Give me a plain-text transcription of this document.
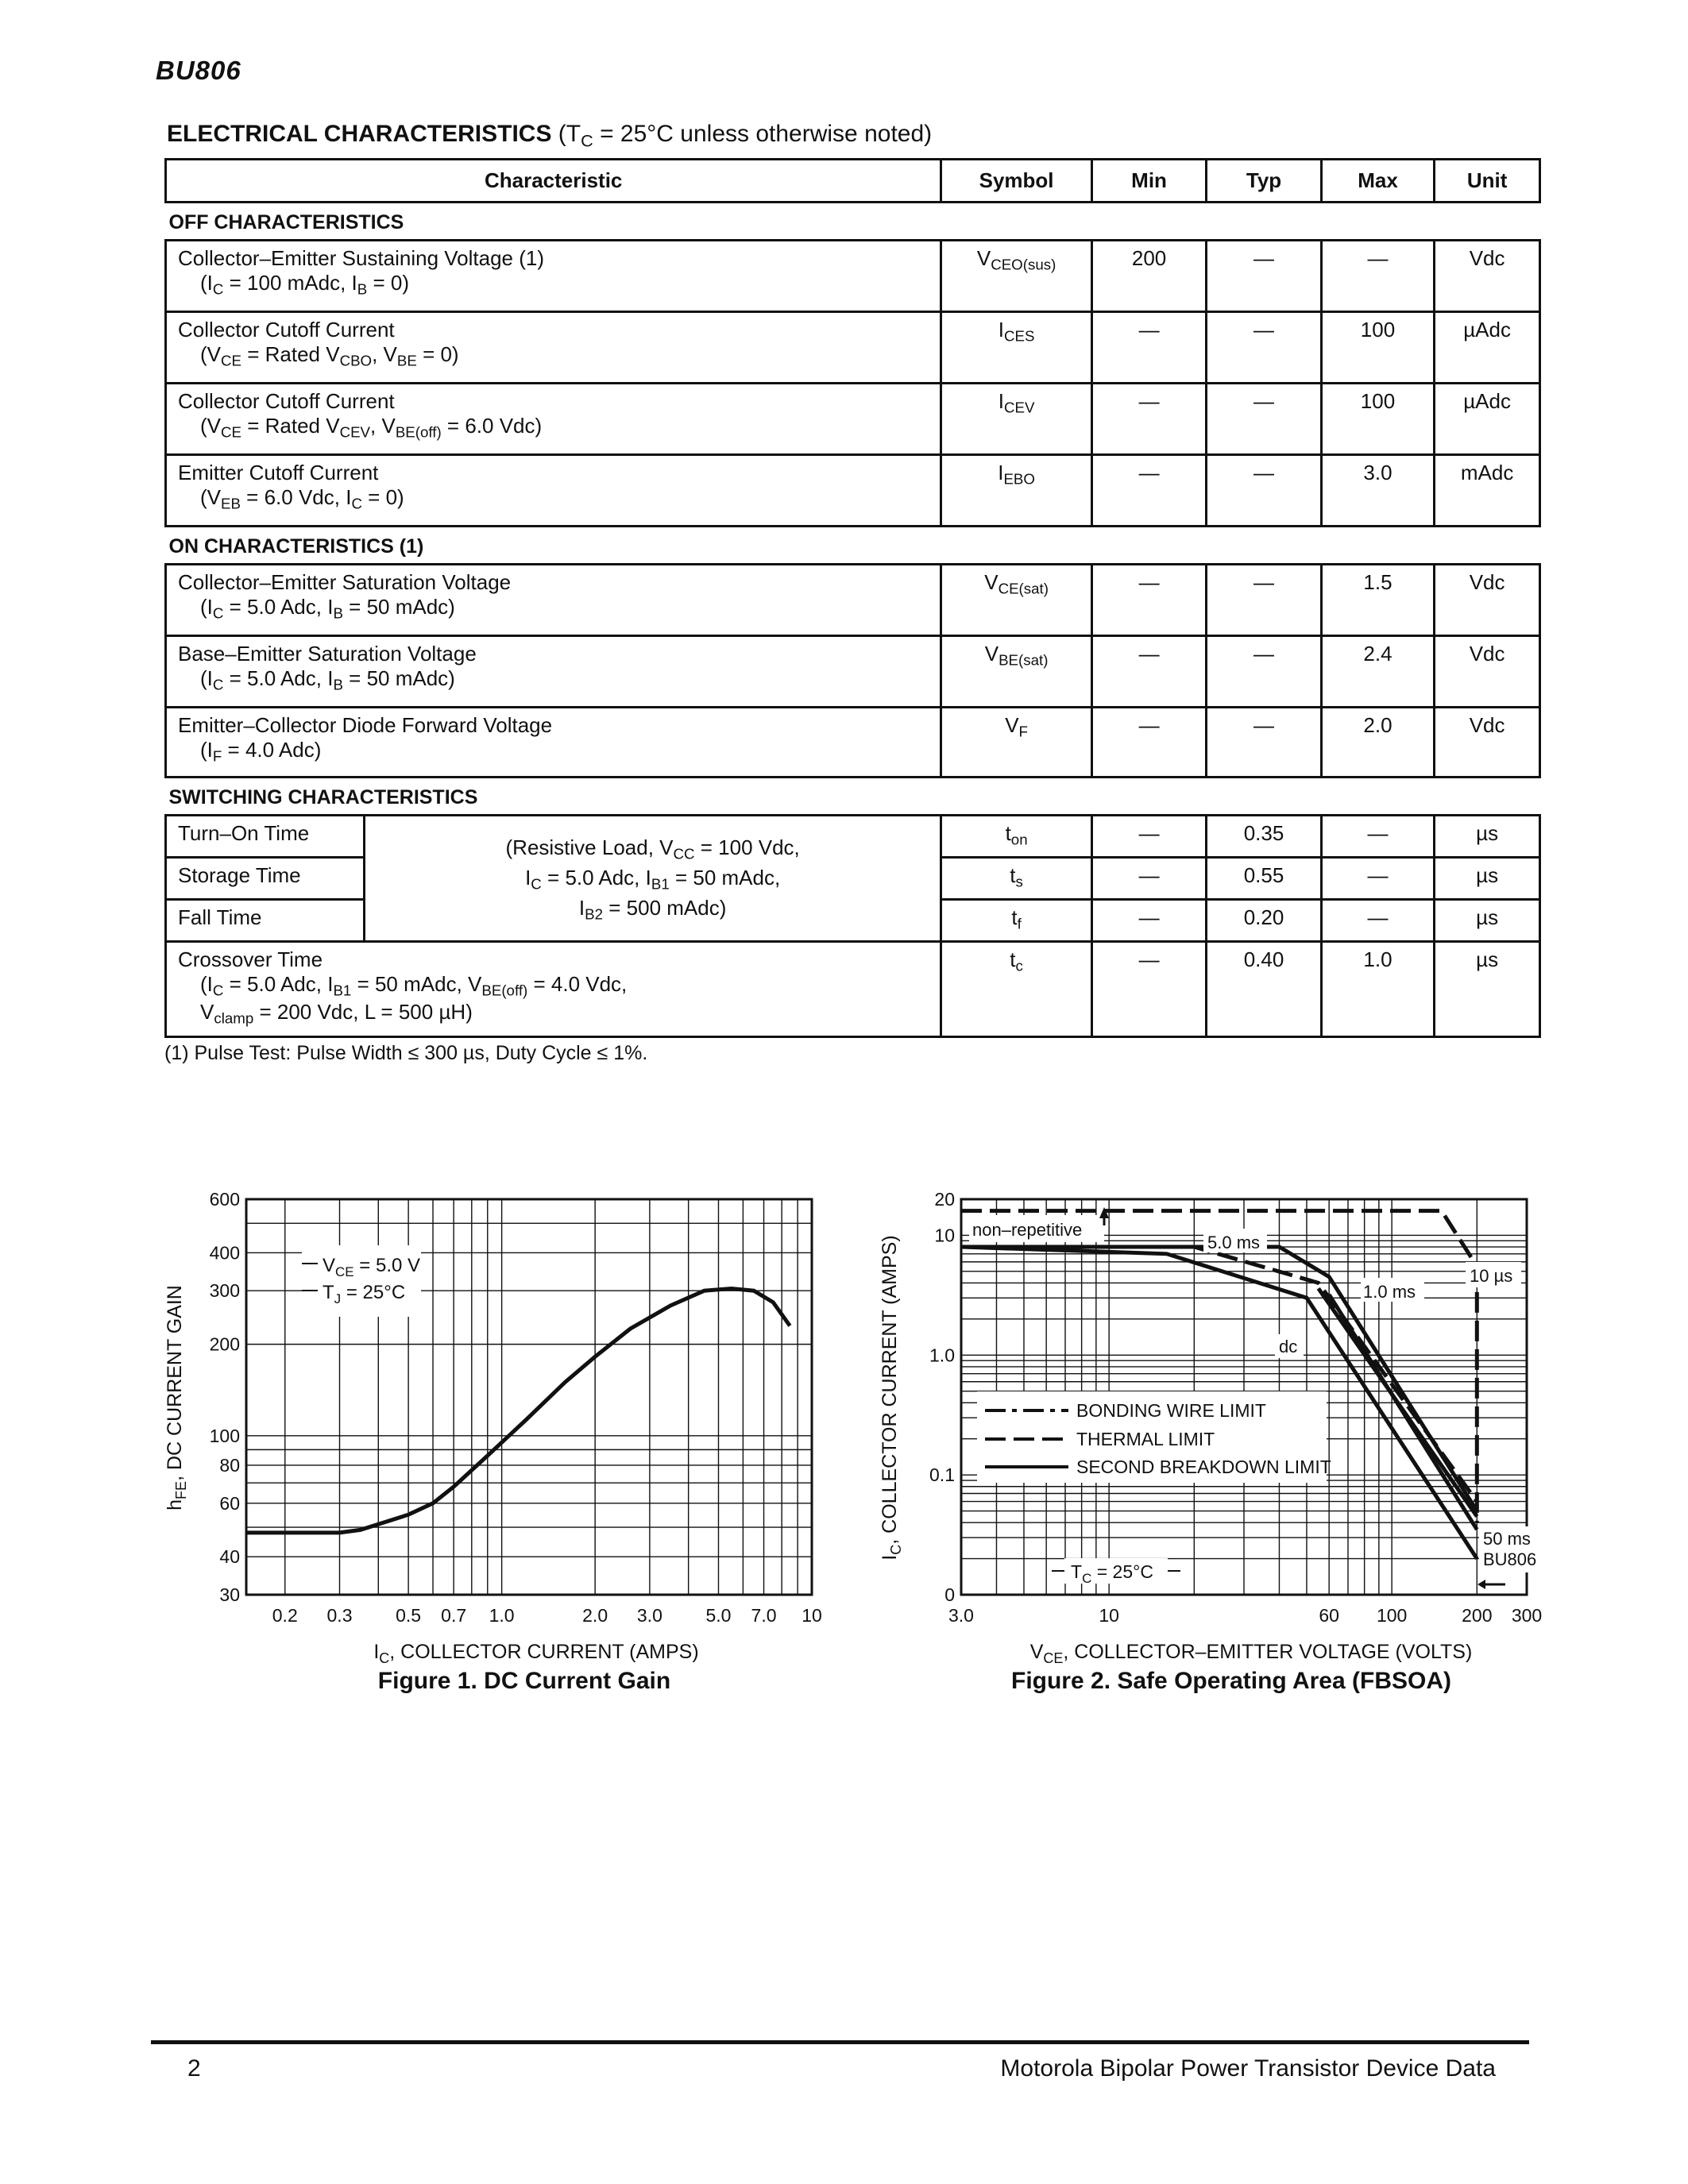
BU806
ELECTRICAL CHARACTERISTICS ($T_C = 25^\circ C$ unless otherwise noted)
Characteristic		Symbol	Min	Typ	Max	Unit
OFF CHARACTERISTICS						
Collector–Emitter Sustaining Voltage (1)
($I_C = 100$ mAdc, $I_B = 0$)		$V_{CEO(sus)}$	200	—	—	Vdc
Collector Cutoff Current
($V_{CE}$ = Rated $V_{CBO}$, $V_{BE} = 0$)		$I_{CES}$	—	—	100	µAdc
Collector Cutoff Current
($V_{CE}$ = Rated $V_{CEV}$, $V_{BE(off)} = 6.0$ Vdc)		$I_{CEV}$	—	—	100	µAdc
Emitter Cutoff Current
($V_{EB} = 6.0$ Vdc, $I_C = 0$)		$I_{EBO}$	—	—	3.0	mAdc
ON CHARACTERISTICS (1)						
Collector–Emitter Saturation Voltage
($I_C = 5.0$ Adc, $I_B = 50$ mAdc)		$V_{CE(sat)}$	—	—	1.5	Vdc
Base–Emitter Saturation Voltage
($I_C = 5.0$ Adc, $I_B = 50$ mAdc)		$V_{BE(sat)}$	—	—	2.4	Vdc
Emitter–Collector Diode Forward Voltage
($I_F = 4.0$ Adc)		$V_F$	—	—	2.0	Vdc
SWITCHING CHARACTERISTICS						
Turn–On Time	(Resistive Load, $V_{CC} = 100$ Vdc,
$I_C = 5.0$ Adc, $I_{B1} = 50$ mAdc,
$I_{B2} = 500$ mAdc)	$t_{on}$	—	0.35	—	µs
Storage Time		$t_s$	—	0.55	—	µs
Fall Time		$t_f$	—	0.20	—	µs
Crossover Time
($I_C = 5.0$ Adc, $I_{B1} = 50$ mAdc, $V_{BE(off)} = 4.0$ Vdc,
$V_{clamp} = 200$ Vdc, L = 500 µH)		$t_c$	—	0.40	1.0	µs
(1) Pulse Test: Pulse Width ≤ 300 µs, Duty Cycle ≤ 1%.
0.2 0.3 0.5 0.7 1.0	2.0 3.0 5.0 7.0 10
30
40
60
80
100
200
300
400
600
$V_{CE} = 5.0$ V
$T_J = 25^\circ C$
$I_C$, COLLECTOR CURRENT (AMPS)
$h_{FE}$, DC CURRENT GAIN
Figure 1. DC Current Gain
3.0	10	60 100	200 300
0
0.1
1.0
10
20
non–repetitive
5.0 ms
1.0 ms
10 µs
dc
BONDING WIRE LIMIT
THERMAL LIMIT
SECOND BREAKDOWN LIMIT
$T_C = 25^\circ C$
50 ms
BU806
$V_{CE}$, COLLECTOR–EMITTER VOLTAGE (VOLTS)
$I_C$, COLLECTOR CURRENT (AMPS)
Figure 2. Safe Operating Area (FBSOA)
2	Motorola Bipolar Power Transistor Device Data
